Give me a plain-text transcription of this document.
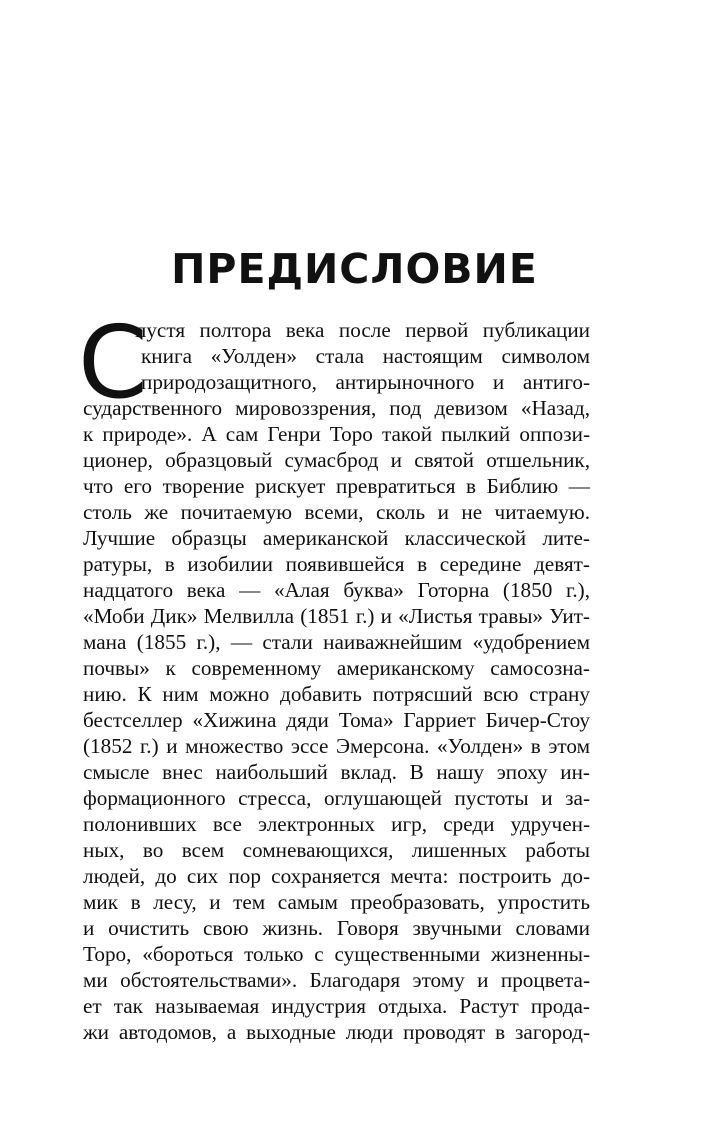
ПРЕДИСЛОВИЕ
С

пустя полтора века после первой публикации

книга «Уолден» стала настоящим символом

природозащитного, антирыночного и антиго-

сударственного мировоззрения, под девизом «Назад,

к природе». А сам Генри Торо такой пылкий оппози-

ционер, образцовый сумасброд и святой отшельник,

что его творение рискует превратиться в Библию —

столь же почитаемую всеми, сколь и не читаемую.

Лучшие образцы американской классической лите-

ратуры, в изобилии появившейся в середине девят-

надцатого века — «Алая буква» Готорна (1850 г.),

«Моби Дик» Мелвилла (1851 г.) и «Листья травы» Уит-

мана (1855 г.), — стали наиважнейшим «удобрением

почвы» к современному американскому самосозна-

нию. К ним можно добавить потрясший всю страну

бестселлер «Хижина дяди Тома» Гарриет Бичер-Стоу

(1852 г.) и множество эссе Эмерсона. «Уолден» в этом

смысле внес наибольший вклад. В нашу эпоху ин-

формационного стресса, оглушающей пустоты и за-

полонивших все электронных игр, среди удручен-

ных, во всем сомневающихся, лишенных работы

людей, до сих пор сохраняется мечта: построить до-

мик в лесу, и тем самым преобразовать, упростить

и очистить свою жизнь. Говоря звучными словами

Торо, «бороться только с существенными жизненны-

ми обстоятельствами». Благодаря этому и процвета-

ет так называемая индустрия отдыха. Растут прода-

жи автодомов, а выходные люди проводят в загород-
